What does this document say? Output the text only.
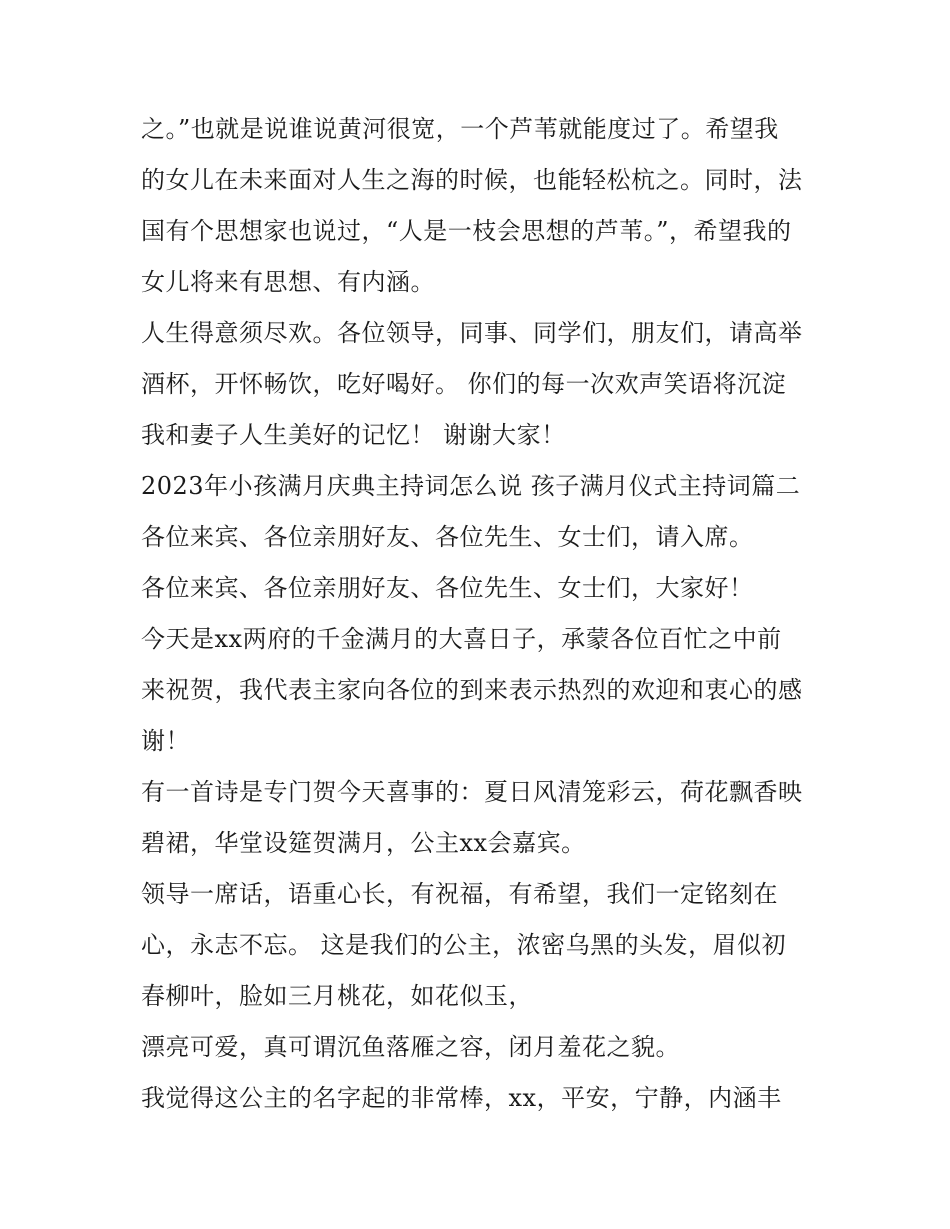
之。”也就是说谁说黄河很宽，一个芦苇就能度过了。希望我
的女儿在未来面对人生之海的时候，也能轻松杭之。同时，法
国有个思想家也说过，“人是一枝会思想的芦苇。”，希望我的
女儿将来有思想、有内涵。
人生得意须尽欢。各位领导，同事、同学们，朋友们，请高举
酒杯，开怀畅饮，吃好喝好。 你们的每一次欢声笑语将沉淀
我和妻子人生美好的记忆！ 谢谢大家！
2023年小孩满月庆典主持词怎么说 孩子满月仪式主持词篇二
各位来宾、各位亲朋好友、各位先生、女士们，请入席。
各位来宾、各位亲朋好友、各位先生、女士们，大家好！
今天是xx两府的千金满月的大喜日子，承蒙各位百忙之中前
来祝贺，我代表主家向各位的到来表示热烈的欢迎和衷心的感
谢！
有一首诗是专门贺今天喜事的：夏日风清笼彩云，荷花飘香映
碧裙，华堂设筵贺满月，公主xx会嘉宾。
领导一席话，语重心长，有祝福，有希望，我们一定铭刻在
心，永志不忘。 这是我们的公主，浓密乌黑的头发，眉似初
春柳叶，脸如三月桃花，如花似玉，
漂亮可爱，真可谓沉鱼落雁之容，闭月羞花之貌。
我觉得这公主的名字起的非常棒，xx，平安，宁静，内涵丰
